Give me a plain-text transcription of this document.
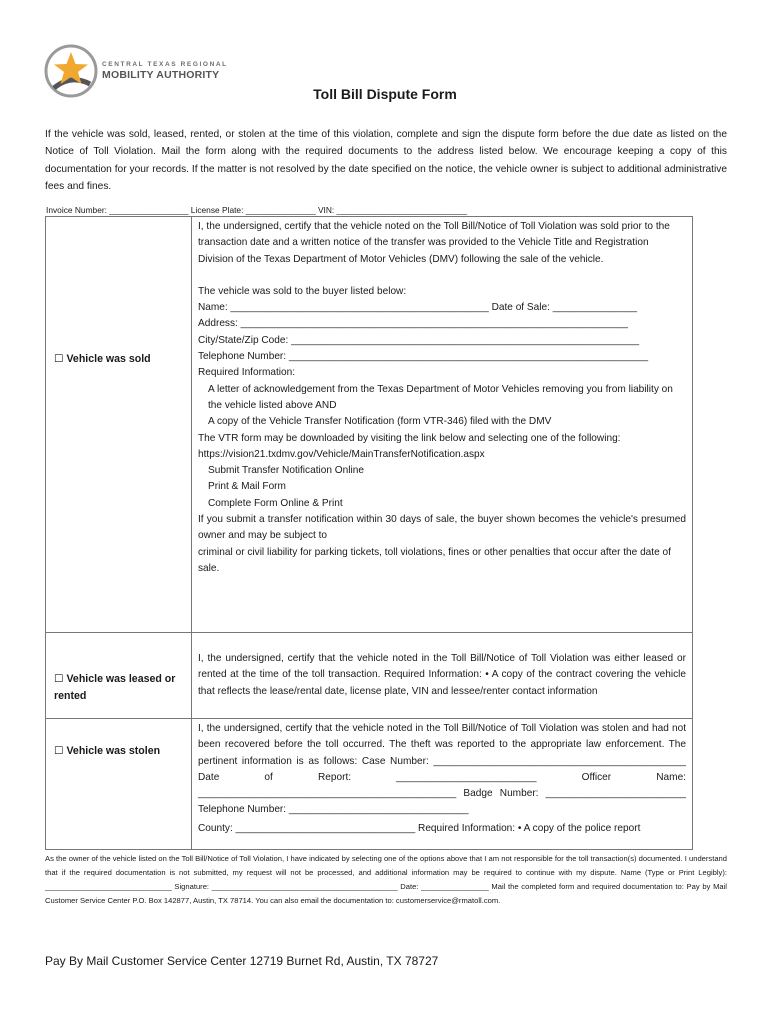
CENTRAL TEXAS REGIONAL
MOBILITY AUTHORITY
Toll Bill Dispute Form
If the vehicle was sold, leased, rented, or stolen at the time of this violation, complete and sign the dispute form before the due date as listed on the Notice of Toll Violation. Mail the form along with the required documents to the address listed below. We encourage keeping a copy of this documentation for your records. If the matter is not resolved by the date specified on the notice, the vehicle owner is subject to additional administrative fees and fines.
Invoice Number: _________________ License Plate: _______________ VIN: ____________________________
☐ Vehicle was sold

I, the undersigned, certify that the vehicle noted on the Toll Bill/Notice of Toll Violation was sold prior to the

transaction date and a written notice of the transfer was provided to the Vehicle Title and Registration

Division of the Texas Department of Motor Vehicles (DMV) following the sale of the vehicle.

The vehicle was sold to the buyer listed below:

Name: ______________________________________________ Date of Sale: _______________

Address: _____________________________________________________________________

City/State/Zip Code: ______________________________________________________________

Telephone Number: ________________________________________________________________

Required Information:

A letter of acknowledgement from the Texas Department of Motor Vehicles removing you from liability on the vehicle listed above AND

A copy of the Vehicle Transfer Notification (form VTR-346) filed with the DMV

The VTR form may be downloaded by visiting the link below and selecting one of the following:

https://vision21.txdmv.gov/Vehicle/MainTransferNotification.aspx

Submit Transfer Notification Online

Print & Mail Form

Complete Form Online & Print

If you submit a transfer notification within 30 days of sale, the buyer shown becomes the vehicle's presumed owner and may be subject to

criminal or civil liability for parking tickets, toll violations, fines or other penalties that occur after the date of sale.

☐ Vehicle was leased or rented
I, the undersigned, certify that the vehicle noted in the Toll Bill/Notice of Toll Violation was either leased or rented at the time of the toll transaction. Required Information: • A copy of the contract covering the vehicle that reflects the lease/rental date, license plate, VIN and lessee/renter contact information
☐ Vehicle was stolen

I, the undersigned, certify that the vehicle noted in the Toll Bill/Notice of Toll Violation was stolen and had not been recovered before the toll occurred. The theft was reported to the appropriate law enforcement. The pertinent information is as follows: Case Number: _____________________________________________ Date of Report: _________________________ Officer Name: ______________________________________________ Badge Number: _________________________ Telephone Number: ________________________________

County: ________________________________ Required Information: • A copy of the police report

As the owner of the vehicle listed on the Toll Bill/Notice of Toll Violation, I have indicated by selecting one of the options above that I am not responsible for the toll transaction(s) documented. I understand that if the required documentation is not submitted, my request will not be processed, and additional information may be required to continue with my dispute. Name (Type or Print Legibly): ______________________________ Signature: ____________________________________________ Date: ________________ Mail the completed form and required documentation to: Pay by Mail Customer Service Center P.O. Box 142877, Austin, TX 78714. You can also email the documentation to: customerservice@rmatoll.com.
Pay By Mail Customer Service Center 12719 Burnet Rd, Austin, TX 78727
